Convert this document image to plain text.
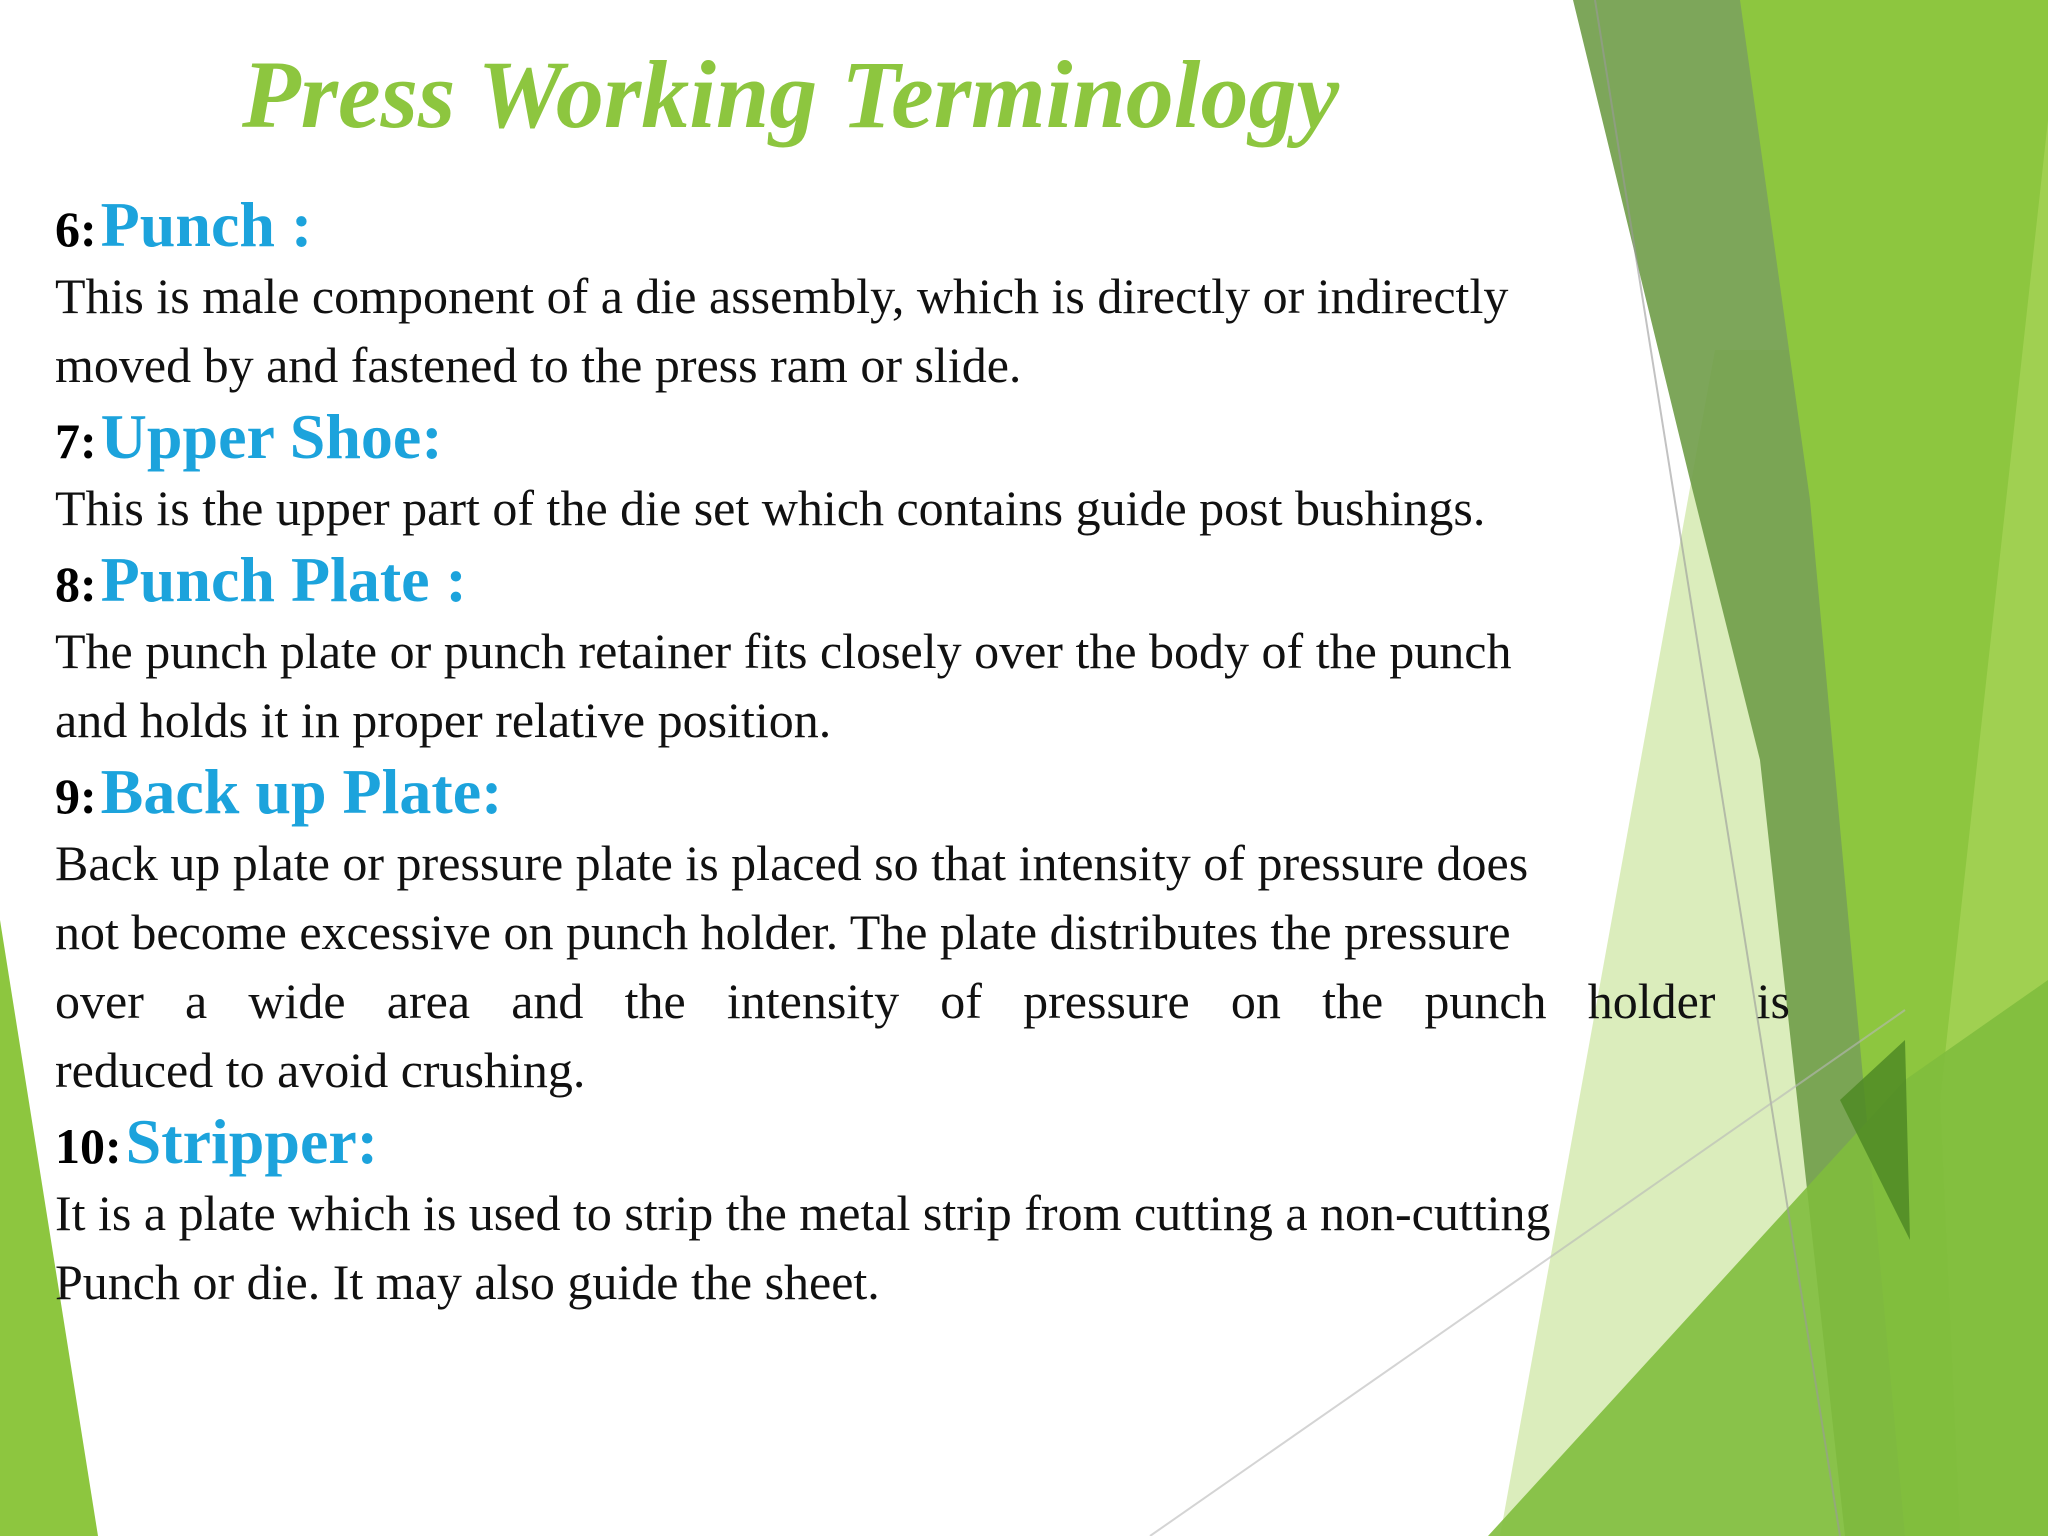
Press Working Terminology

6: Punch :

This is male component of a die assembly, which is directly or indirectly
moved by and fastened to the press ram or slide.

7: Upper Shoe:

This is the upper part of the die set which contains guide post bushings.

8: Punch Plate :

The punch plate or punch retainer fits closely over the body of the punch
and holds it in proper relative position.

9: Back up Plate:

Back up plate or pressure plate is placed so that intensity of pressure does
not become excessive on punch holder. The plate distributes the pressure
over a wide area and the intensity of pressure on the punch holder is
reduced to avoid crushing.

10: Stripper:

It is a plate which is used to strip the metal strip from cutting a non-cutting
Punch or die. It may also guide the sheet.
